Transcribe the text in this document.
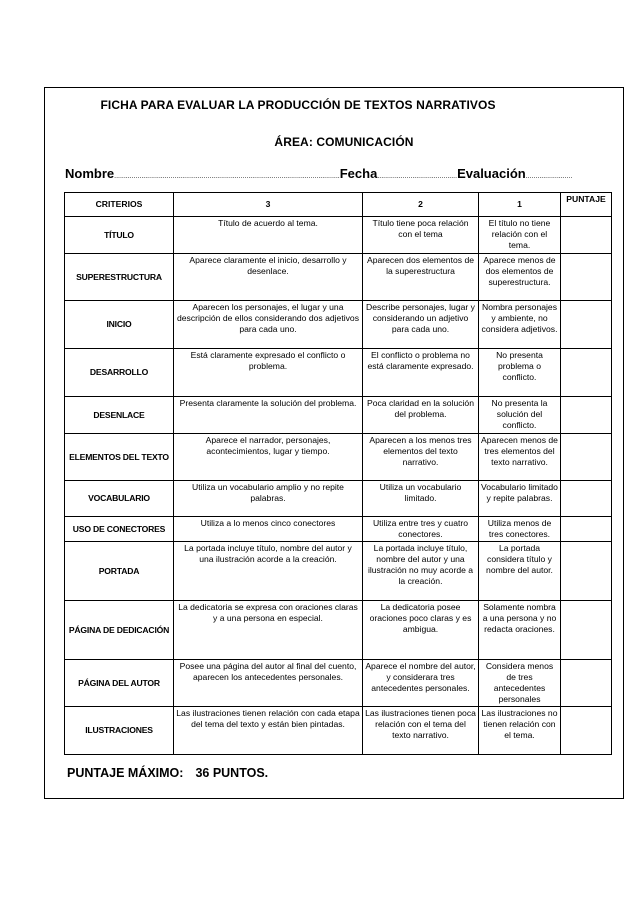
FICHA PARA EVALUAR LA PRODUCCIÓN DE TEXTOS NARRATIVOS
ÁREA: COMUNICACIÓN
Nombre....................................................................................................................Fecha.........................................Evaluación........................
CRITERIOS	3	2	1	PUNTAJE
TÍTULO	Título de acuerdo al tema.	Título tiene poca relación con el tema	El título no tiene relación con el tema.	
SUPERESTRUCTURA	Aparece claramente el inicio, desarrollo y desenlace.	Aparecen dos elementos de la superestructura	Aparece menos de dos elementos de superestructura.	
INICIO	Aparecen los personajes, el lugar y una descripción de ellos considerando dos adjetivos para cada uno.	Describe personajes, lugar y considerando un adjetivo para cada uno.	Nombra personajes y ambiente, no considera adjetivos.	
DESARROLLO	Está claramente expresado el conflicto o problema.	El conflicto o problema no está claramente expresado.	No presenta problema o conflicto.	
DESENLACE	Presenta claramente la solución del problema.	Poca claridad en la solución del problema.	No presenta la solución del conflicto.	
ELEMENTOS DEL TEXTO	Aparece el narrador, personajes, acontecimientos, lugar y tiempo.	Aparecen a los menos tres elementos del texto narrativo.	Aparecen menos de tres elementos del texto narrativo.	
VOCABULARIO	Utiliza un vocabulario amplio y no repite palabras.	Utiliza un vocabulario limitado.	Vocabulario limitado y repite palabras.	
USO DE CONECTORES	Utiliza a lo menos cinco conectores	Utiliza entre tres y cuatro conectores.	Utiliza menos de tres conectores.	
PORTADA	La portada incluye título, nombre del autor y una ilustración acorde a la creación.	La portada incluye título, nombre del autor y una ilustración no muy acorde a la creación.	La portada considera título y nombre del autor.	
PÁGINA DE DEDICACIÓN	La dedicatoria se expresa con oraciones claras y a una persona en especial.	La dedicatoria posee oraciones poco claras y es ambigua.	Solamente nombra a una persona y no redacta oraciones.	
PÁGINA DEL AUTOR	Posee una página del autor al final del cuento, aparecen los antecedentes personales.	Aparece el nombre del autor, y considerara tres antecedentes personales.	Considera menos de tres antecedentes personales	
ILUSTRACIONES	Las ilustraciones tienen relación con cada etapa del tema del texto y están bien pintadas.	Las ilustraciones tienen poca relación con el tema del texto narrativo.	Las ilustraciones no tienen relación con el tema.	
PUNTAJE MÁXIMO: 36 PUNTOS.
